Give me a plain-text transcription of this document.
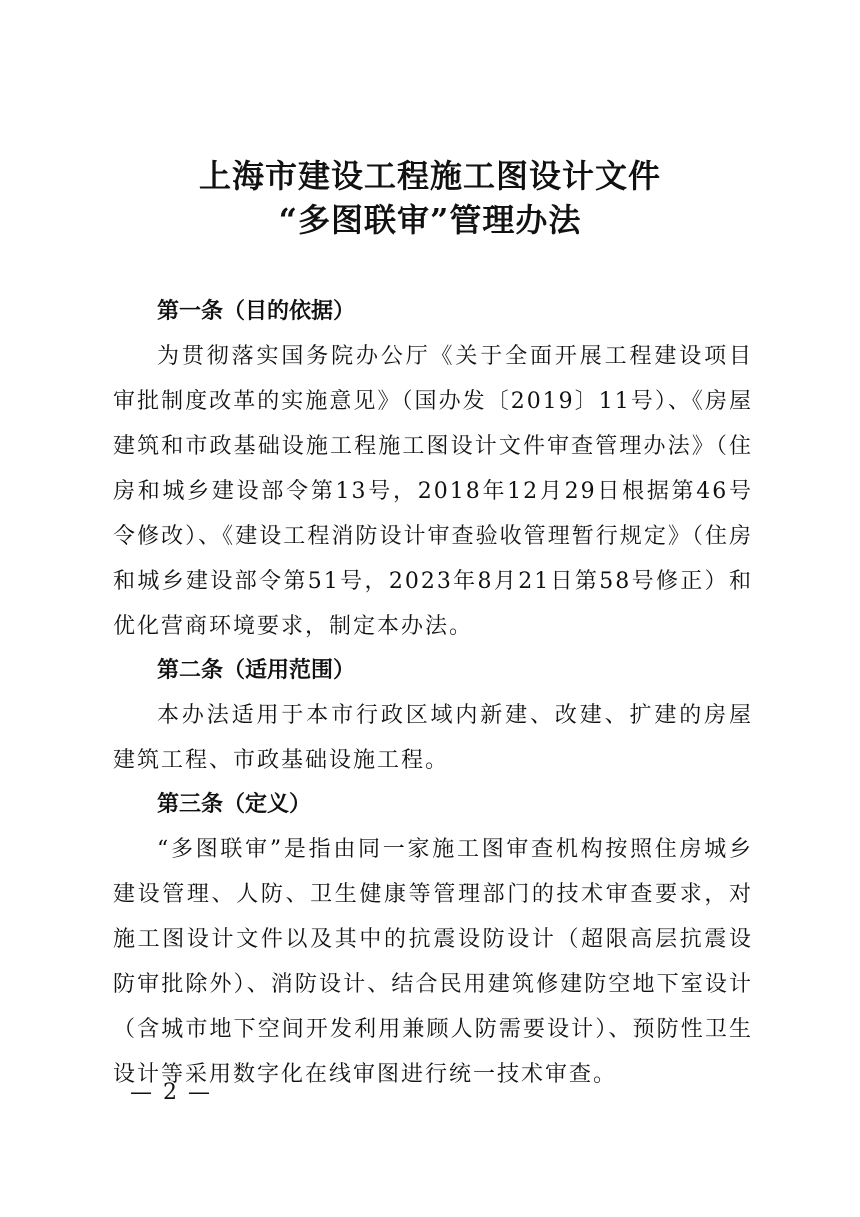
上海市建设工程施工图设计文件
“多图联审”管理办法

第一条（目的依据）

为贯彻落实国务院办公厅《关于全面开展工程建设项目审批制度改革的实施意见》（国办发〔2019〕11号）、《房屋建筑和市政基础设施工程施工图设计文件审查管理办法》（住房和城乡建设部令第13号，2018年12月29日根据第46号令修改）、《建设工程消防设计审查验收管理暂行规定》（住房和城乡建设部令第51号，2023年8月21日第58号修正）和优化营商环境要求，制定本办法。

第二条（适用范围）

本办法适用于本市行政区域内新建、改建、扩建的房屋建筑工程、市政基础设施工程。

第三条（定义）

“多图联审”是指由同一家施工图审查机构按照住房城乡建设管理、人防、卫生健康等管理部门的技术审查要求，对施工图设计文件以及其中的抗震设防设计（超限高层抗震设防审批除外）、消防设计、结合民用建筑修建防空地下室设计（含城市地下空间开发利用兼顾人防需要设计）、预防性卫生设计等采用数字化在线审图进行统一技术审查。

— 2 —
